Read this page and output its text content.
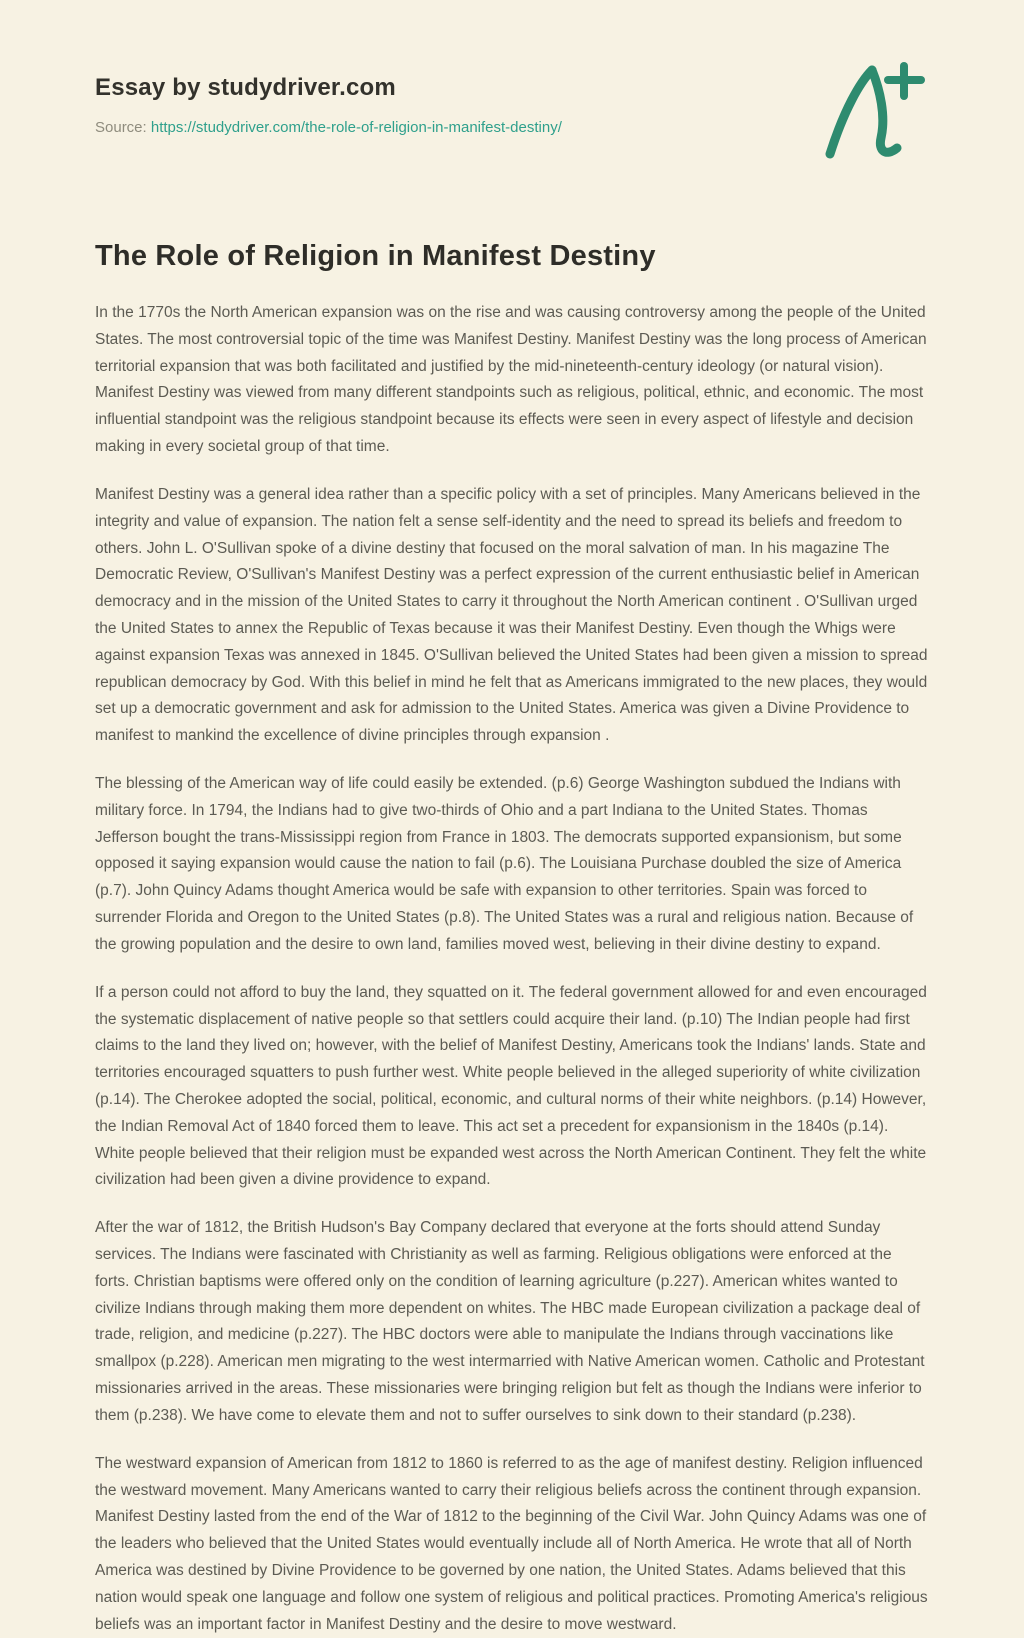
Essay by studydriver.com
Source: https://studydriver.com/the-role-of-religion-in-manifest-destiny/
The Role of Religion in Manifest Destiny

In the 1770s the North American expansion was on the rise and was causing controversy among the people of the United States. The most controversial topic of the time was Manifest Destiny. Manifest Destiny was the long process of American territorial expansion that was both facilitated and justified by the mid-nineteenth-century ideology (or natural vision). Manifest Destiny was viewed from many different standpoints such as religious, political, ethnic, and economic. The most influential standpoint was the religious standpoint because its effects were seen in every aspect of lifestyle and decision making in every societal group of that time.

Manifest Destiny was a general idea rather than a specific policy with a set of principles. Many Americans believed in the integrity and value of expansion. The nation felt a sense self-identity and the need to spread its beliefs and freedom to others. John L. O'Sullivan spoke of a divine destiny that focused on the moral salvation of man. In his magazine The Democratic Review, O'Sullivan's Manifest Destiny was a perfect expression of the current enthusiastic belief in American democracy and in the mission of the United States to carry it throughout the North American continent . O'Sullivan urged the United States to annex the Republic of Texas because it was their Manifest Destiny. Even though the Whigs were against expansion Texas was annexed in 1845. O'Sullivan believed the United States had been given a mission to spread republican democracy by God. With this belief in mind he felt that as Americans immigrated to the new places, they would set up a democratic government and ask for admission to the United States. America was given a Divine Providence to manifest to mankind the excellence of divine principles through expansion .

The blessing of the American way of life could easily be extended. (p.6) George Washington subdued the Indians with military force. In 1794, the Indians had to give two-thirds of Ohio and a part Indiana to the United States. Thomas Jefferson bought the trans-Mississippi region from France in 1803. The democrats supported expansionism, but some opposed it saying expansion would cause the nation to fail (p.6). The Louisiana Purchase doubled the size of America (p.7). John Quincy Adams thought America would be safe with expansion to other territories. Spain was forced to surrender Florida and Oregon to the United States (p.8). The United States was a rural and religious nation. Because of the growing population and the desire to own land, families moved west, believing in their divine destiny to expand.

If a person could not afford to buy the land, they squatted on it. The federal government allowed for and even encouraged the systematic displacement of native people so that settlers could acquire their land. (p.10) The Indian people had first claims to the land they lived on; however, with the belief of Manifest Destiny, Americans took the Indians' lands. State and territories encouraged squatters to push further west. White people believed in the alleged superiority of white civilization (p.14). The Cherokee adopted the social, political, economic, and cultural norms of their white neighbors. (p.14) However, the Indian Removal Act of 1840 forced them to leave. This act set a precedent for expansionism in the 1840s (p.14). White people believed that their religion must be expanded west across the North American Continent. They felt the white civilization had been given a divine providence to expand.

After the war of 1812, the British Hudson's Bay Company declared that everyone at the forts should attend Sunday services. The Indians were fascinated with Christianity as well as farming. Religious obligations were enforced at the forts. Christian baptisms were offered only on the condition of learning agriculture (p.227). American whites wanted to civilize Indians through making them more dependent on whites. The HBC made European civilization a package deal of trade, religion, and medicine (p.227). The HBC doctors were able to manipulate the Indians through vaccinations like smallpox (p.228). American men migrating to the west intermarried with Native American women. Catholic and Protestant missionaries arrived in the areas. These missionaries were bringing religion but felt as though the Indians were inferior to them (p.238). We have come to elevate them and not to suffer ourselves to sink down to their standard (p.238).

The westward expansion of American from 1812 to 1860 is referred to as the age of manifest destiny. Religion influenced the westward movement. Many Americans wanted to carry their religious beliefs across the continent through expansion. Manifest Destiny lasted from the end of the War of 1812 to the beginning of the Civil War. John Quincy Adams was one of the leaders who believed that the United States would eventually include all of North America. He wrote that all of North America was destined by Divine Providence to be governed by one nation, the United States. Adams believed that this nation would speak one language and follow one system of religious and political practices. Promoting America's religious beliefs was an important factor in Manifest Destiny and the desire to move westward.
